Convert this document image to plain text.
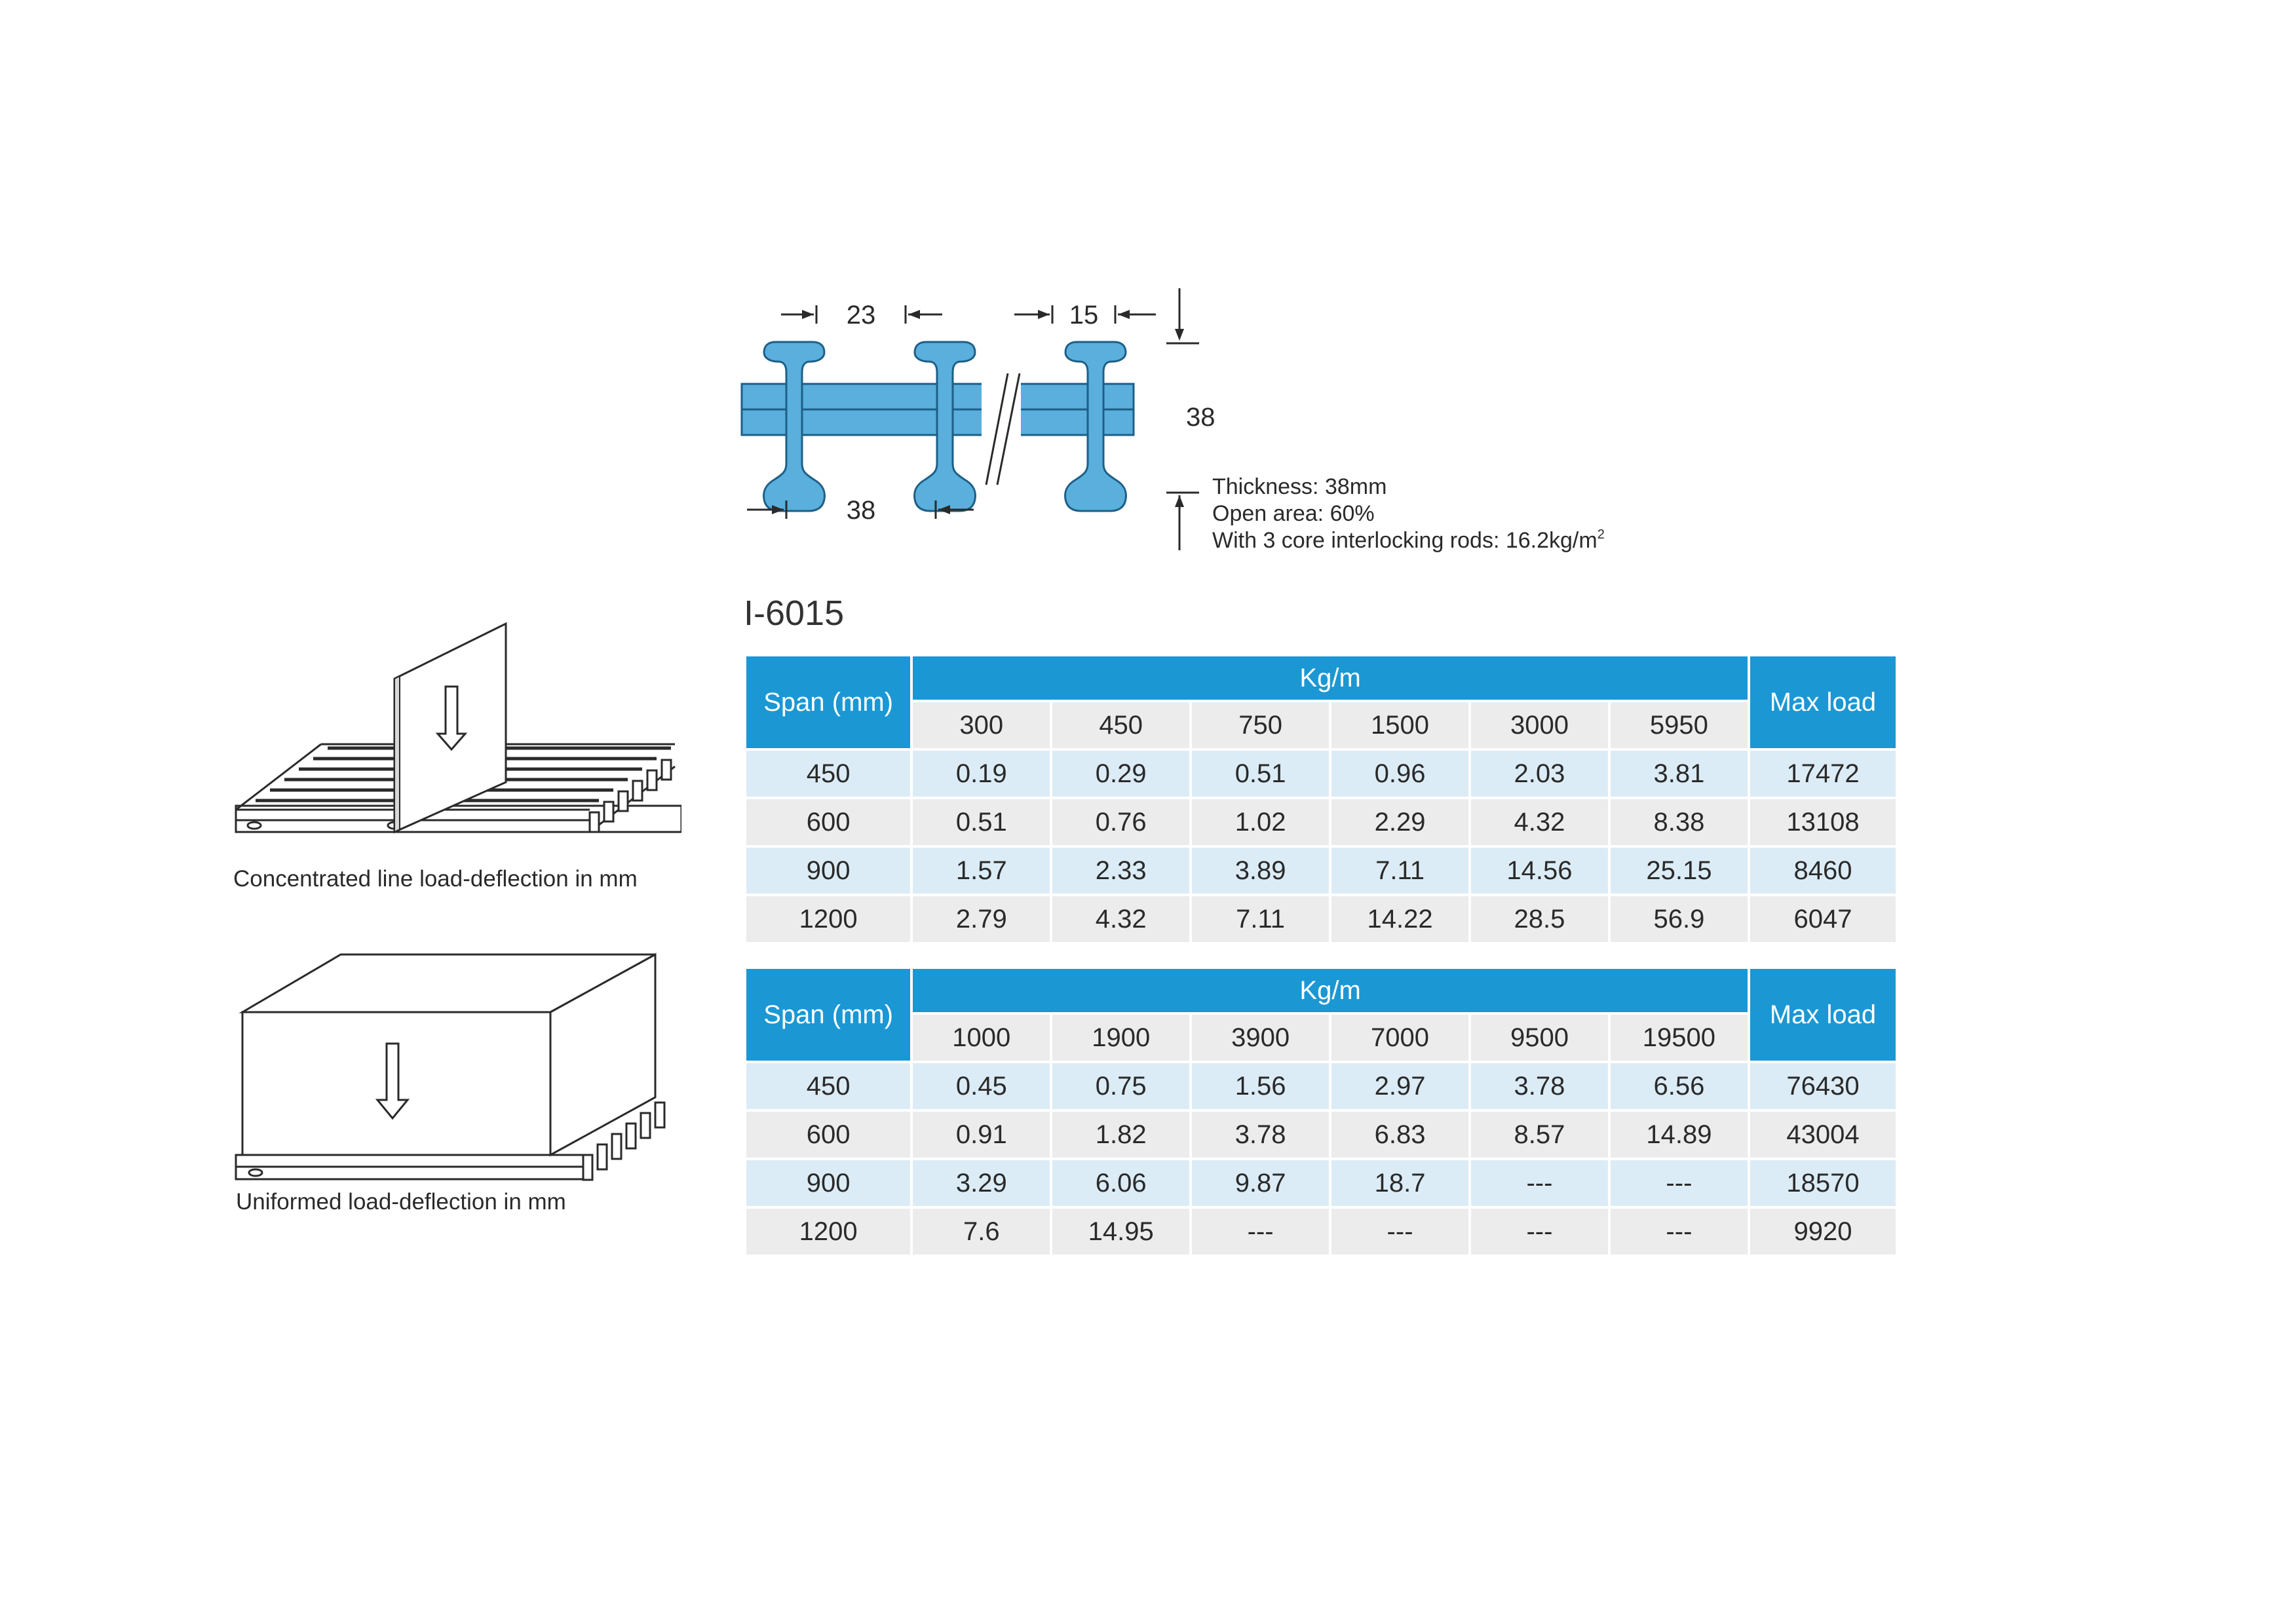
23	15
38
38
Thickness: 38mm
Open area: 60%
With 3 core interlocking rods: $16.2kg/m^2$
I-6015
Concentrated line load-deflection in mm
Uniformed load-deflection in mm
Span (mm)	Kg/m						Max load
	300	450	750	1500	3000	5950	
450	0.19	0.29	0.51	0.96	2.03	3.81	17472
600	0.51	0.76	1.02	2.29	4.32	8.38	13108
900	1.57	2.33	3.89	7.11	14.56	25.15	8460
1200	2.79	4.32	7.11	14.22	28.5	56.9	6047
Span (mm)	Kg/m						Max load
	1000	1900	3900	7000	9500	19500	
450	0.45	0.75	1.56	2.97	3.78	6.56	76430
600	0.91	1.82	3.78	6.83	8.57	14.89	43004
900	3.29	6.06	9.87	18.7	---	---	18570
1200	7.6	14.95	---	---	---	---	9920
